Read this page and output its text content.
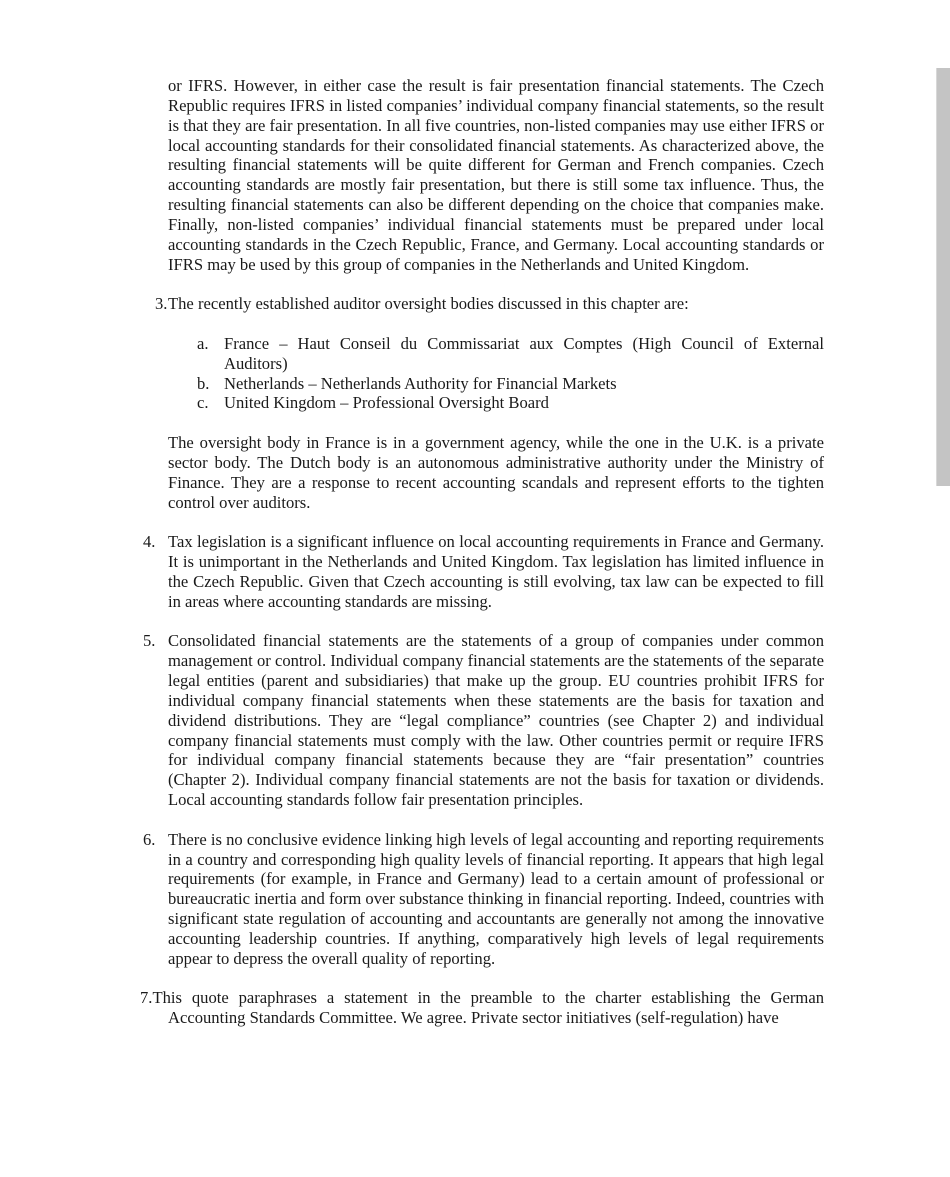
or IFRS. However, in either case the result is fair presentation financial statements. The Czech Republic requires IFRS in listed companies’ individual company financial statements, so the result is that they are fair presentation. In all five countries, non-listed companies may use either IFRS or local accounting standards for their consolidated financial statements. As characterized above, the resulting financial statements will be quite different for German and French companies. Czech accounting standards are mostly fair presentation, but there is still some tax influence. Thus, the resulting financial statements can also be different depending on the choice that companies make. Finally, non-listed companies’ individual financial statements must be prepared under local accounting standards in the Czech Republic, France, and Germany. Local accounting standards or IFRS may be used by this group of companies in the Netherlands and United Kingdom.

3. The recently established auditor oversight bodies discussed in this chapter are:
a. France – Haut Conseil du Commissariat aux Comptes (High Council of External Auditors)
b. Netherlands – Netherlands Authority for Financial Markets
c. United Kingdom – Professional Oversight Board

The oversight body in France is in a government agency, while the one in the U.K. is a private sector body. The Dutch body is an autonomous administrative authority under the Ministry of Finance. They are a response to recent accounting scandals and represent efforts to the tighten control over auditors.

4. Tax legislation is a significant influence on local accounting requirements in France and Germany. It is unimportant in the Netherlands and United Kingdom. Tax legislation has limited influence in the Czech Republic. Given that Czech accounting is still evolving, tax law can be expected to fill in areas where accounting standards are missing.
5. Consolidated financial statements are the statements of a group of companies under common management or control. Individual company financial statements are the statements of the separate legal entities (parent and subsidiaries) that make up the group. EU countries prohibit IFRS for individual company financial statements when these statements are the basis for taxation and dividend distributions. They are “legal compliance” countries (see Chapter 2) and individual company financial statements must comply with the law. Other countries permit or require IFRS for individual company financial statements because they are “fair presentation” countries (Chapter 2). Individual company financial statements are not the basis for taxation or dividends. Local accounting standards follow fair presentation principles.
6. There is no conclusive evidence linking high levels of legal accounting and reporting requirements in a country and corresponding high quality levels of financial reporting. It appears that high legal requirements (for example, in France and Germany) lead to a certain amount of professional or bureaucratic inertia and form over substance thinking in financial reporting. Indeed, countries with significant state regulation of accounting and accountants are generally not among the innovative accounting leadership countries. If anything, comparatively high levels of legal requirements appear to depress the overall quality of reporting.
7.This quote paraphrases a statement in the preamble to the charter establishing the German Accounting Standards Committee. We agree. Private sector initiatives (self-regulation) have
